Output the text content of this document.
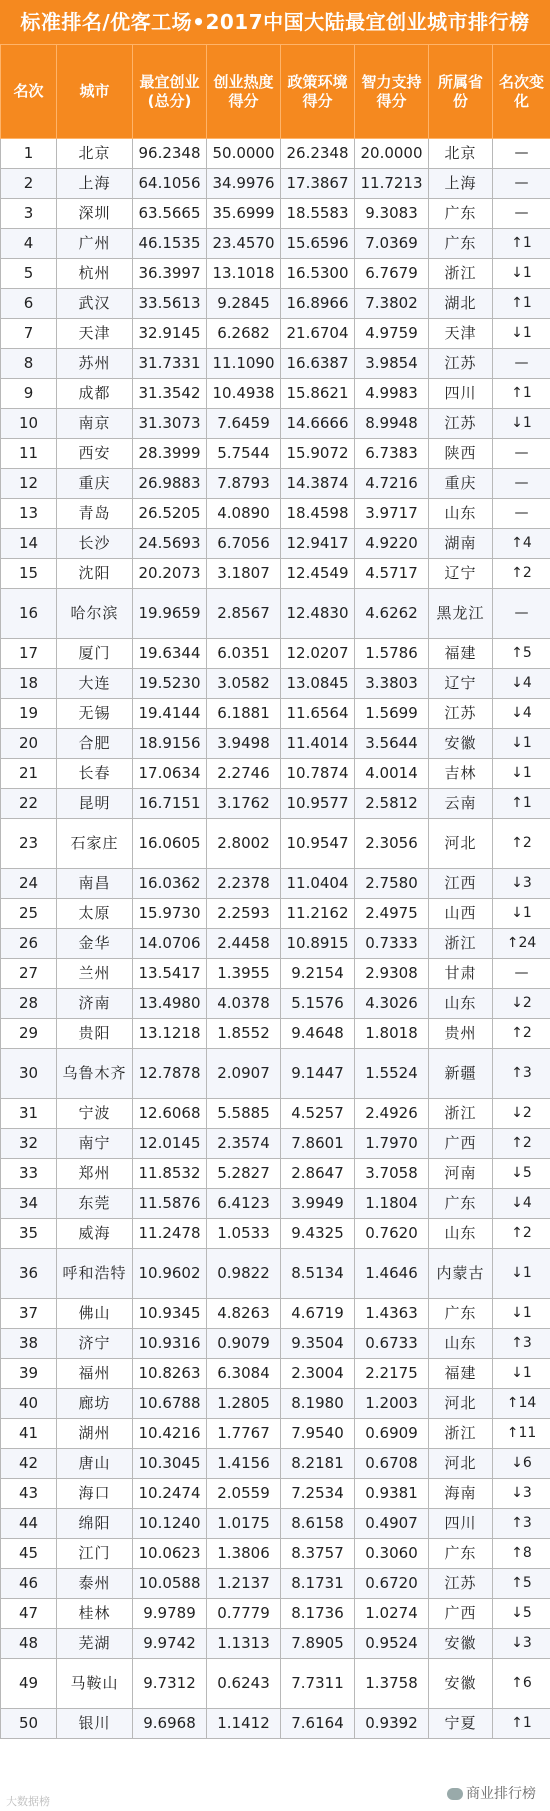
标准排名/优客工场•2017中国大陆最宜创业城市排行榜
名次	城市	最宜创业(总分)	创业热度得分	政策环境得分	智力支持得分	所属省份	名次变化
1	北京	96.2348	50.0000	26.2348	20.0000	北京	—
2	上海	64.1056	34.9976	17.3867	11.7213	上海	—
3	深圳	63.5665	35.6999	18.5583	9.3083	广东	—
4	广州	46.1535	23.4570	15.6596	7.0369	广东	↑1
5	杭州	36.3997	13.1018	16.5300	6.7679	浙江	↓1
6	武汉	33.5613	9.2845	16.8966	7.3802	湖北	↑1
7	天津	32.9145	6.2682	21.6704	4.9759	天津	↓1
8	苏州	31.7331	11.1090	16.6387	3.9854	江苏	—
9	成都	31.3542	10.4938	15.8621	4.9983	四川	↑1
10	南京	31.3073	7.6459	14.6666	8.9948	江苏	↓1
11	西安	28.3999	5.7544	15.9072	6.7383	陕西	—
12	重庆	26.9883	7.8793	14.3874	4.7216	重庆	—
13	青岛	26.5205	4.0890	18.4598	3.9717	山东	—
14	长沙	24.5693	6.7056	12.9417	4.9220	湖南	↑4
15	沈阳	20.2073	3.1807	12.4549	4.5717	辽宁	↑2
16	哈尔滨	19.9659	2.8567	12.4830	4.6262	黑龙江	—
17	厦门	19.6344	6.0351	12.0207	1.5786	福建	↑5
18	大连	19.5230	3.0582	13.0845	3.3803	辽宁	↓4
19	无锡	19.4144	6.1881	11.6564	1.5699	江苏	↓4
20	合肥	18.9156	3.9498	11.4014	3.5644	安徽	↓1
21	长春	17.0634	2.2746	10.7874	4.0014	吉林	↓1
22	昆明	16.7151	3.1762	10.9577	2.5812	云南	↑1
23	石家庄	16.0605	2.8002	10.9547	2.3056	河北	↑2
24	南昌	16.0362	2.2378	11.0404	2.7580	江西	↓3
25	太原	15.9730	2.2593	11.2162	2.4975	山西	↓1
26	金华	14.0706	2.4458	10.8915	0.7333	浙江	↑24
27	兰州	13.5417	1.3955	9.2154	2.9308	甘肃	—
28	济南	13.4980	4.0378	5.1576	4.3026	山东	↓2
29	贵阳	13.1218	1.8552	9.4648	1.8018	贵州	↑2
30	乌鲁木齐	12.7878	2.0907	9.1447	1.5524	新疆	↑3
31	宁波	12.6068	5.5885	4.5257	2.4926	浙江	↓2
32	南宁	12.0145	2.3574	7.8601	1.7970	广西	↑2
33	郑州	11.8532	5.2827	2.8647	3.7058	河南	↓5
34	东莞	11.5876	6.4123	3.9949	1.1804	广东	↓4
35	威海	11.2478	1.0533	9.4325	0.7620	山东	↑2
36	呼和浩特	10.9602	0.9822	8.5134	1.4646	内蒙古	↓1
37	佛山	10.9345	4.8263	4.6719	1.4363	广东	↓1
38	济宁	10.9316	0.9079	9.3504	0.6733	山东	↑3
39	福州	10.8263	6.3084	2.3004	2.2175	福建	↓1
40	廊坊	10.6788	1.2805	8.1980	1.2003	河北	↑14
41	湖州	10.4216	1.7767	7.9540	0.6909	浙江	↑11
42	唐山	10.3045	1.4156	8.2181	0.6708	河北	↓6
43	海口	10.2474	2.0559	7.2534	0.9381	海南	↓3
44	绵阳	10.1240	1.0175	8.6158	0.4907	四川	↑3
45	江门	10.0623	1.3806	8.3757	0.3060	广东	↑8
46	泰州	10.0588	1.2137	8.1731	0.6720	江苏	↑5
47	桂林	9.9789	0.7779	8.1736	1.0274	广西	↓5
48	芜湖	9.9742	1.1313	7.8905	0.9524	安徽	↓3
49	马鞍山	9.7312	0.6243	7.7311	1.3758	安徽	↑6
50	银川	9.6968	1.1412	7.6164	0.9392	宁夏	↑1
大数据榜	商业排行榜
